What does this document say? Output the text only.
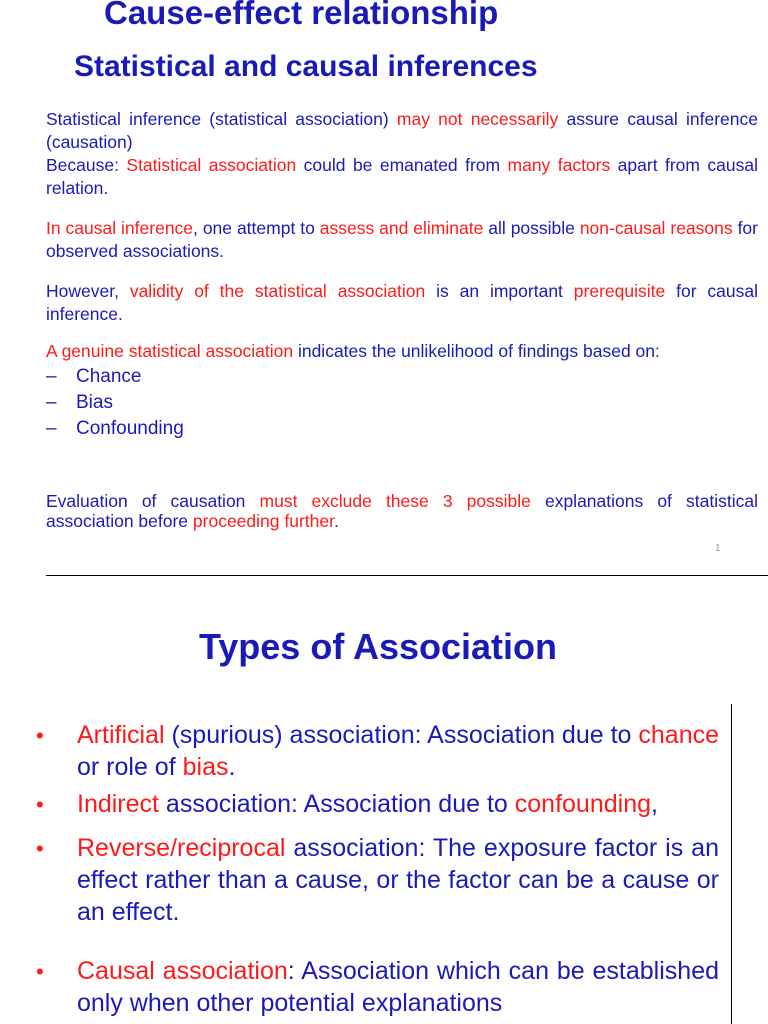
Cause-effect relationship
Statistical and causal inferences
Statistical inference (statistical association) may not necessarily assure causal inference (causation)
Because: Statistical association could be emanated from many factors apart from causal relation.
In causal inference, one attempt to assess and eliminate all possible non-causal reasons for observed associations.
However, validity of the statistical association is an important prerequisite for causal inference.
A genuine statistical association indicates the unlikelihood of findings based on:
– Chance
– Bias
– Confounding
Evaluation of causation must exclude these 3 possible explanations of statistical association before proceeding further.
1
Types of Association
• Artificial (spurious) association: Association due to chance or role of bias.
• Indirect association: Association due to confounding,
• Reverse/reciprocal association: The exposure factor is an effect rather than a cause, or the factor can be a cause or an effect.
• Causal association: Association which can be established only when other potential explanations
